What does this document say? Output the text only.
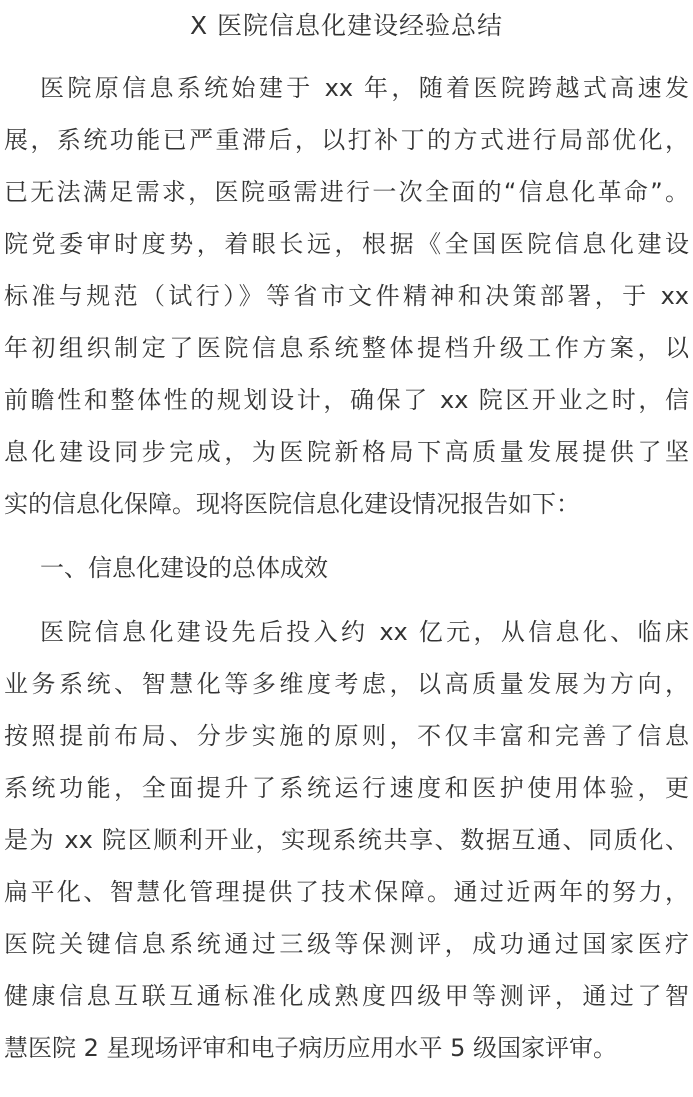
X 医院信息化建设经验总结
医院原信息系统始建于 xx 年，随着医院跨越式高速发
展，系统功能已严重滞后，以打补丁的方式进行局部优化，
已无法满足需求，医院亟需进行一次全面的“信息化革命”。
院党委审时度势，着眼长远，根据《全国医院信息化建设
标准与规范（试行）》等省市文件精神和决策部署，于 xx
年初组织制定了医院信息系统整体提档升级工作方案，以
前瞻性和整体性的规划设计，确保了 xx 院区开业之时，信
息化建设同步完成，为医院新格局下高质量发展提供了坚
实的信息化保障。现将医院信息化建设情况报告如下：
一、信息化建设的总体成效
医院信息化建设先后投入约 xx 亿元，从信息化、临床
业务系统、智慧化等多维度考虑，以高质量发展为方向，
按照提前布局、分步实施的原则，不仅丰富和完善了信息
系统功能，全面提升了系统运行速度和医护使用体验，更
是为 xx 院区顺利开业，实现系统共享、数据互通、同质化、
扁平化、智慧化管理提供了技术保障。通过近两年的努力，
医院关键信息系统通过三级等保测评，成功通过国家医疗
健康信息互联互通标准化成熟度四级甲等测评，通过了智
慧医院 2 星现场评审和电子病历应用水平 5 级国家评审。
